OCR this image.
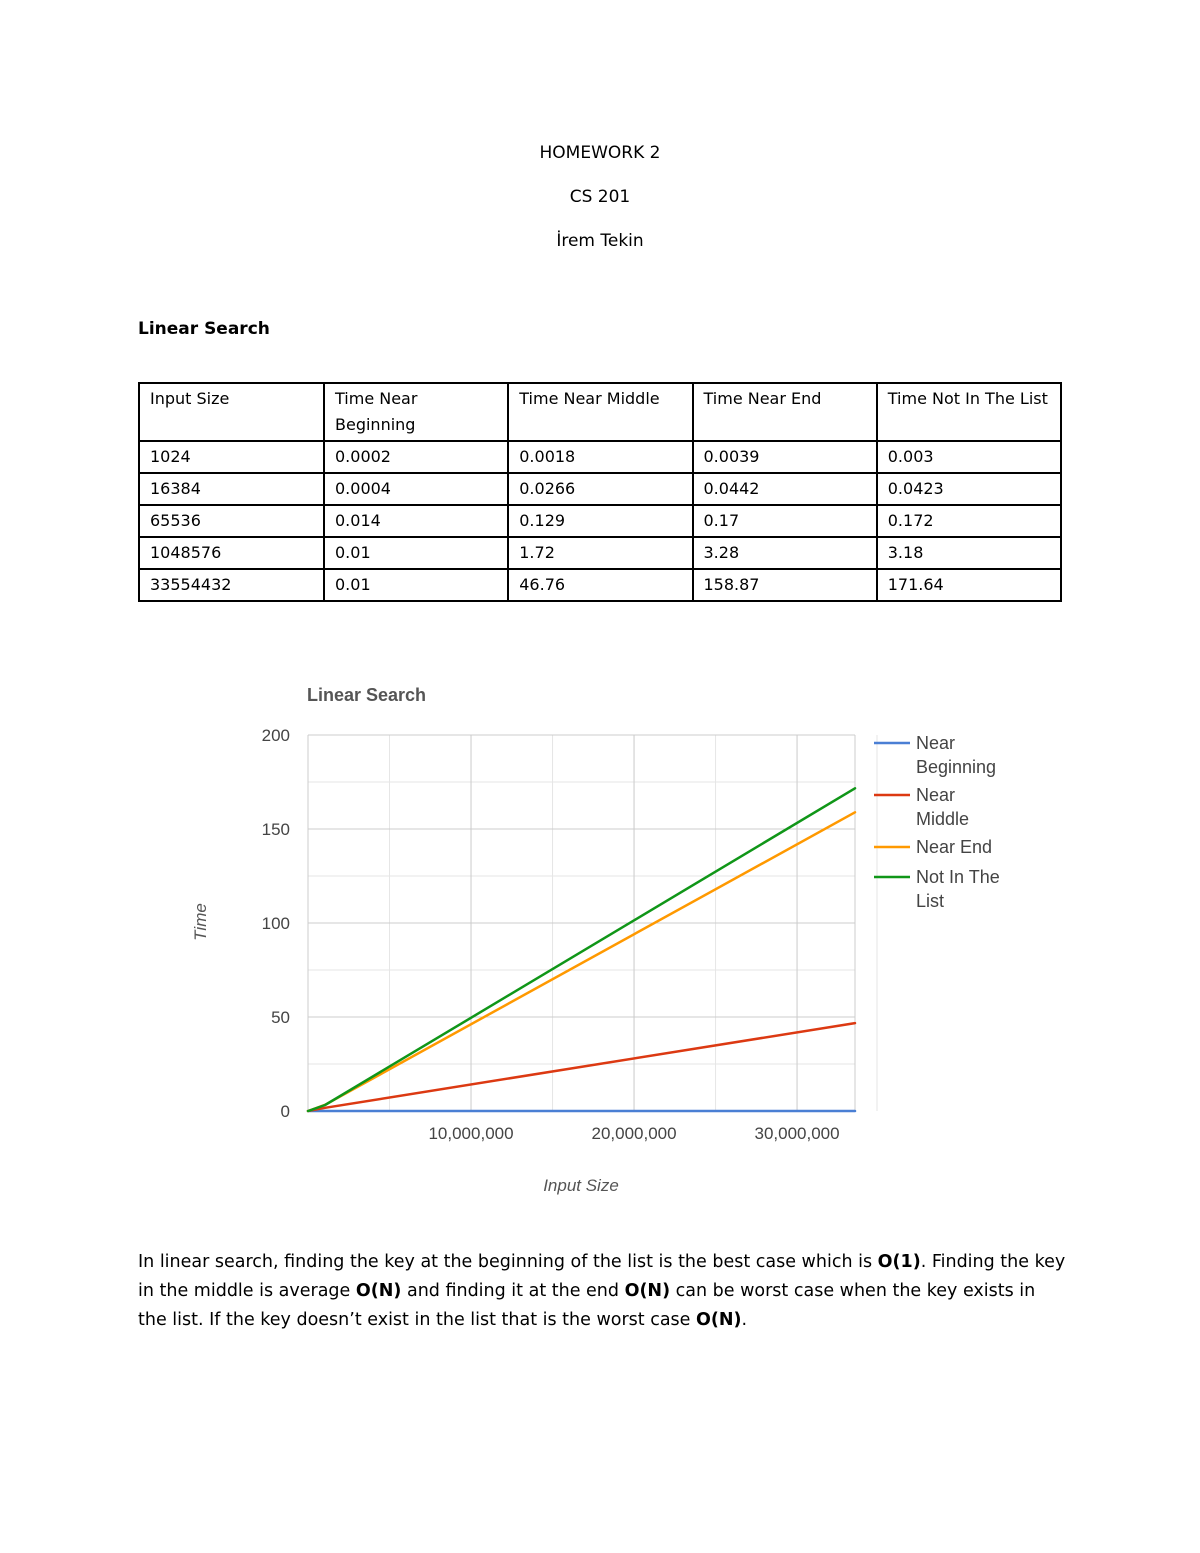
HOMEWORK 2
CS 201
İrem Tekin
Linear Search
Input Size	Time Near Beginning	Time Near Middle	Time Near End	Time Not In The List
1024	0.0002	0.0018	0.0039	0.003
16384	0.0004	0.0266	0.0442	0.0423
65536	0.014	0.129	0.17	0.172
1048576	0.01	1.72	3.28	3.18
33554432	0.01	46.76	158.87	171.64
Linear Search
0
50
100
150
200
10,000,000	20,000,000	30,000,000
Near
Beginning
Near
Middle
Near End
Not In The
List
Input Size
Time
In linear search, finding the key at the beginning of the list is the best case which is O(1). Finding the key in the middle is average O(N) and finding it at the end O(N) can be worst case when the key exists in the list. If the key doesn’t exist in the list that is the worst case O(N).
